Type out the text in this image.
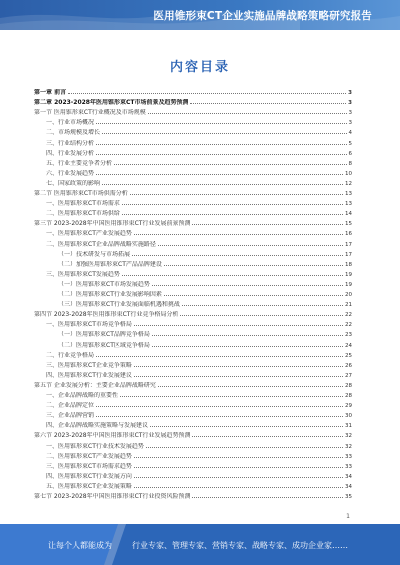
医用锥形束CT企业实施品牌战略策略研究报告
内容目录
第一章 前言	3
第二章 2023-2028年医用锥形束CT市场前景及趋势预测	3
第一节 医用锥形束CT行业概况及市场规模	3
一、行业市场概况	3
二、市场规模及增长	4
三、行业结构分析	5
四、行业发展分析	6
五、行业主要竞争者分析	8
六、行业发展趋势	10
七、国家政策的影响	12
第二节 医用锥形束CT市场供需分析	13
一、医用锥形束CT市场需求	13
二、医用锥形束CT市场供给	14
第三节 2023-2028年中国医用锥形束CT行业发展前景预测	15
一、医用锥形束CT产业发展趋势	16
二、医用锥形束CT企业品牌战略实施路径	17
（一）技术研发与市场拓展	17
（二）加强医用锥形束CT产品品牌建设	18
三、医用锥形束CT发展趋势	19
（一）医用锥形束CT市场发展趋势	19
（二）医用锥形束CT行业发展影响因素	20
（三）医用锥形束CT行业发展面临机遇和挑战	21
第四节 2023-2028年医用锥形束CT行业竞争格局分析	22
一、医用锥形束CT市场竞争格局	22
（一）医用锥形束CT品牌竞争格局	23
（二）医用锥形束CT区域竞争格局	24
二、行业竞争格局	25
三、医用锥形束CT企业竞争策略	26
四、医用锥形束CT行业发展建议	27
第五节 企业发展分析：主要企业品牌战略研究	28
一、企业品牌战略的重要性	28
二、企业品牌定位	29
三、企业品牌营销	30
四、企业品牌战略实施策略与发展建议	31
第六节 2023-2028年中国医用锥形束CT行业发展趋势预测	32
一、医用锥形束CT行业技术发展趋势	32
二、医用锥形束CT产业发展趋势	33
三、医用锥形束CT市场需求趋势	33
四、医用锥形束CT行业发展方向	34
五、医用锥形束CT企业发展策略	34
第七节 2023-2028年中国医用锥形束CT行业投资风险预测	35
1
让每个人都能成为	行业专家、管理专家、营销专家、战略专家、成功企业家……
